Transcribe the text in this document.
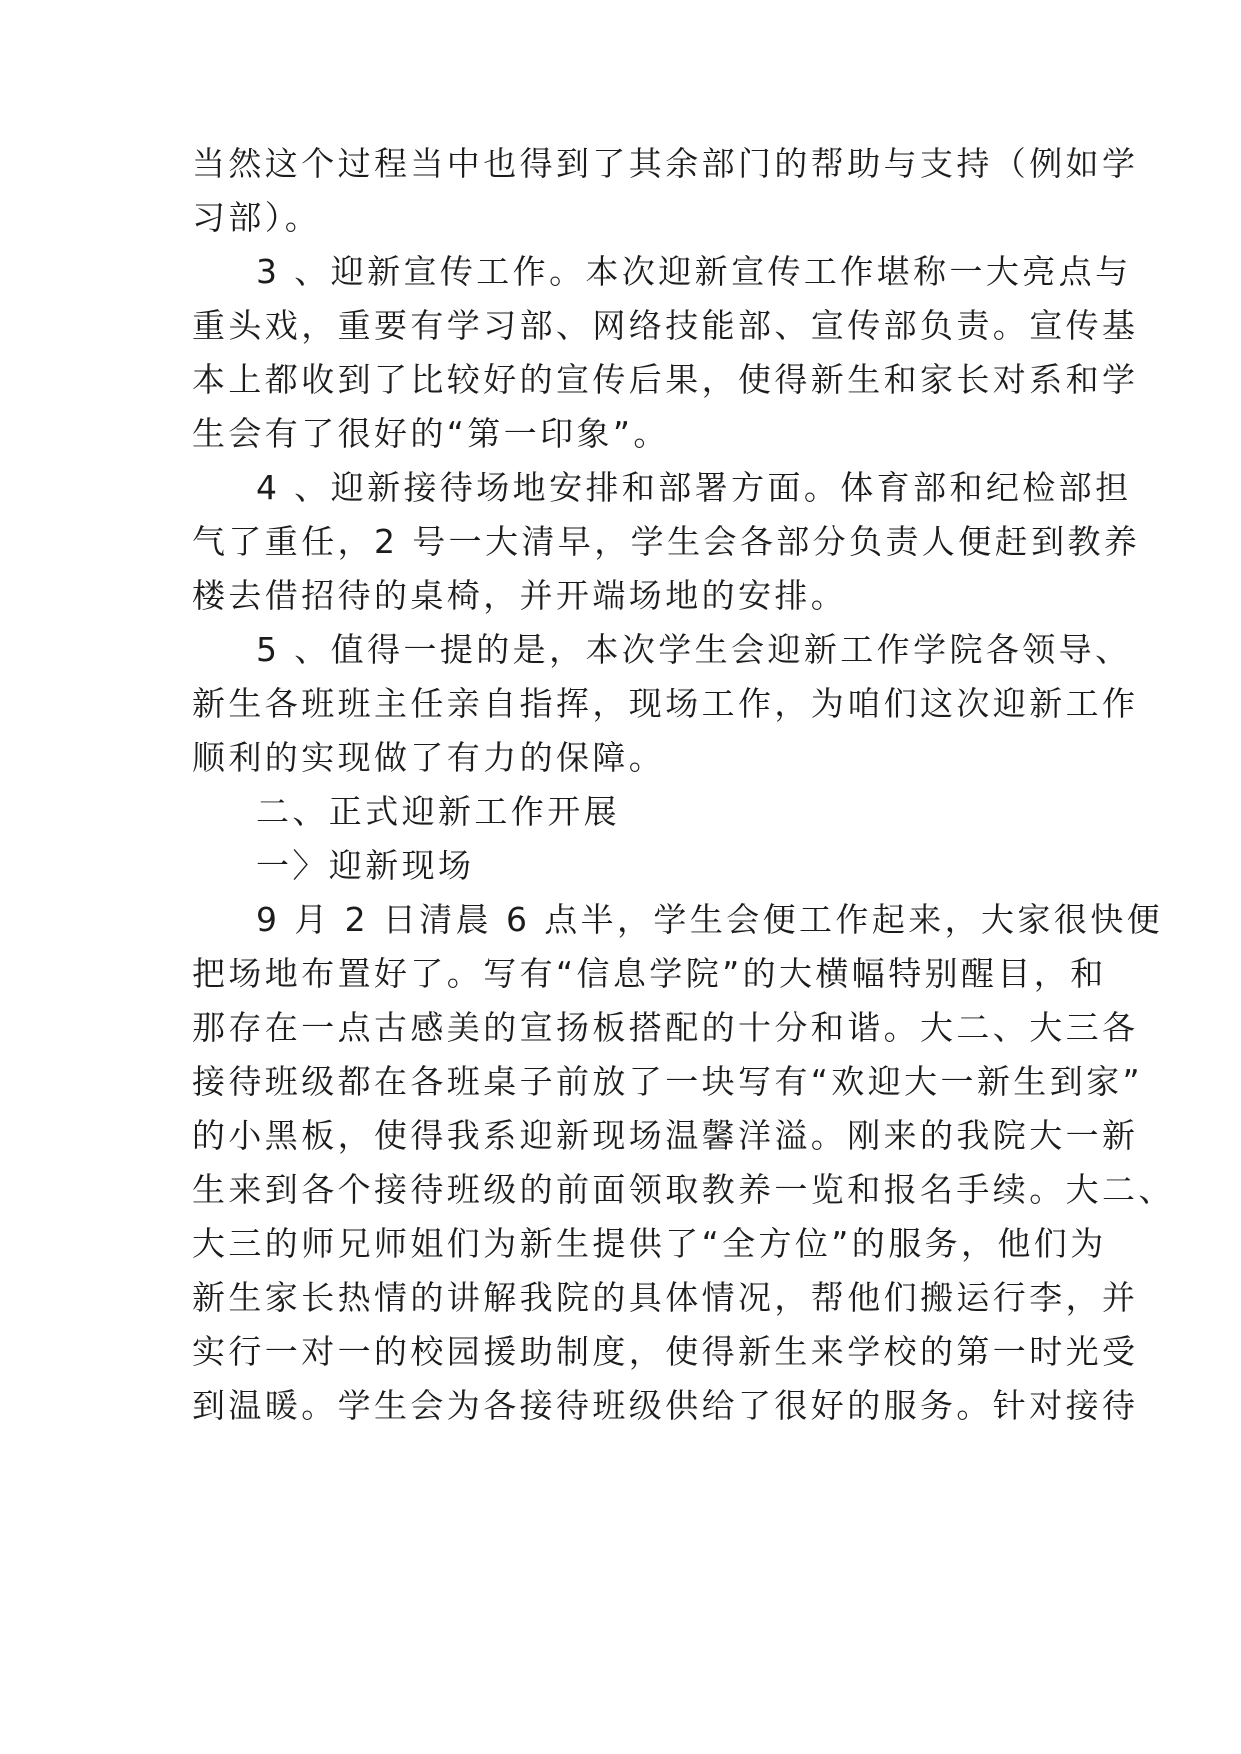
当然这个过程当中也得到了其余部门的帮助与支持（例如学
习部）。
3 、迎新宣传工作。本次迎新宣传工作堪称一大亮点与
重头戏，重要有学习部、网络技能部、宣传部负责。宣传基
本上都收到了比较好的宣传后果，使得新生和家长对系和学
生会有了很好的“第一印象”。
4 、迎新接待场地安排和部署方面。体育部和纪检部担
气了重任，2 号一大清早，学生会各部分负责人便赶到教养
楼去借招待的桌椅，并开端场地的安排。
5 、值得一提的是，本次学生会迎新工作学院各领导、
新生各班班主任亲自指挥，现场工作，为咱们这次迎新工作
顺利的实现做了有力的保障。
二、正式迎新工作开展
一〉迎新现场
9 月 2 日清晨 6 点半，学生会便工作起来，大家很快便
把场地布置好了。写有“信息学院”的大横幅特别醒目，和
那存在一点古感美的宣扬板搭配的十分和谐。大二、大三各
接待班级都在各班桌子前放了一块写有“欢迎大一新生到家”
的小黑板，使得我系迎新现场温馨洋溢。刚来的我院大一新
生来到各个接待班级的前面领取教养一览和报名手续。大二、
大三的师兄师姐们为新生提供了“全方位”的服务，他们为
新生家长热情的讲解我院的具体情况，帮他们搬运行李，并
实行一对一的校园援助制度，使得新生来学校的第一时光受
到温暖。学生会为各接待班级供给了很好的服务。针对接待
